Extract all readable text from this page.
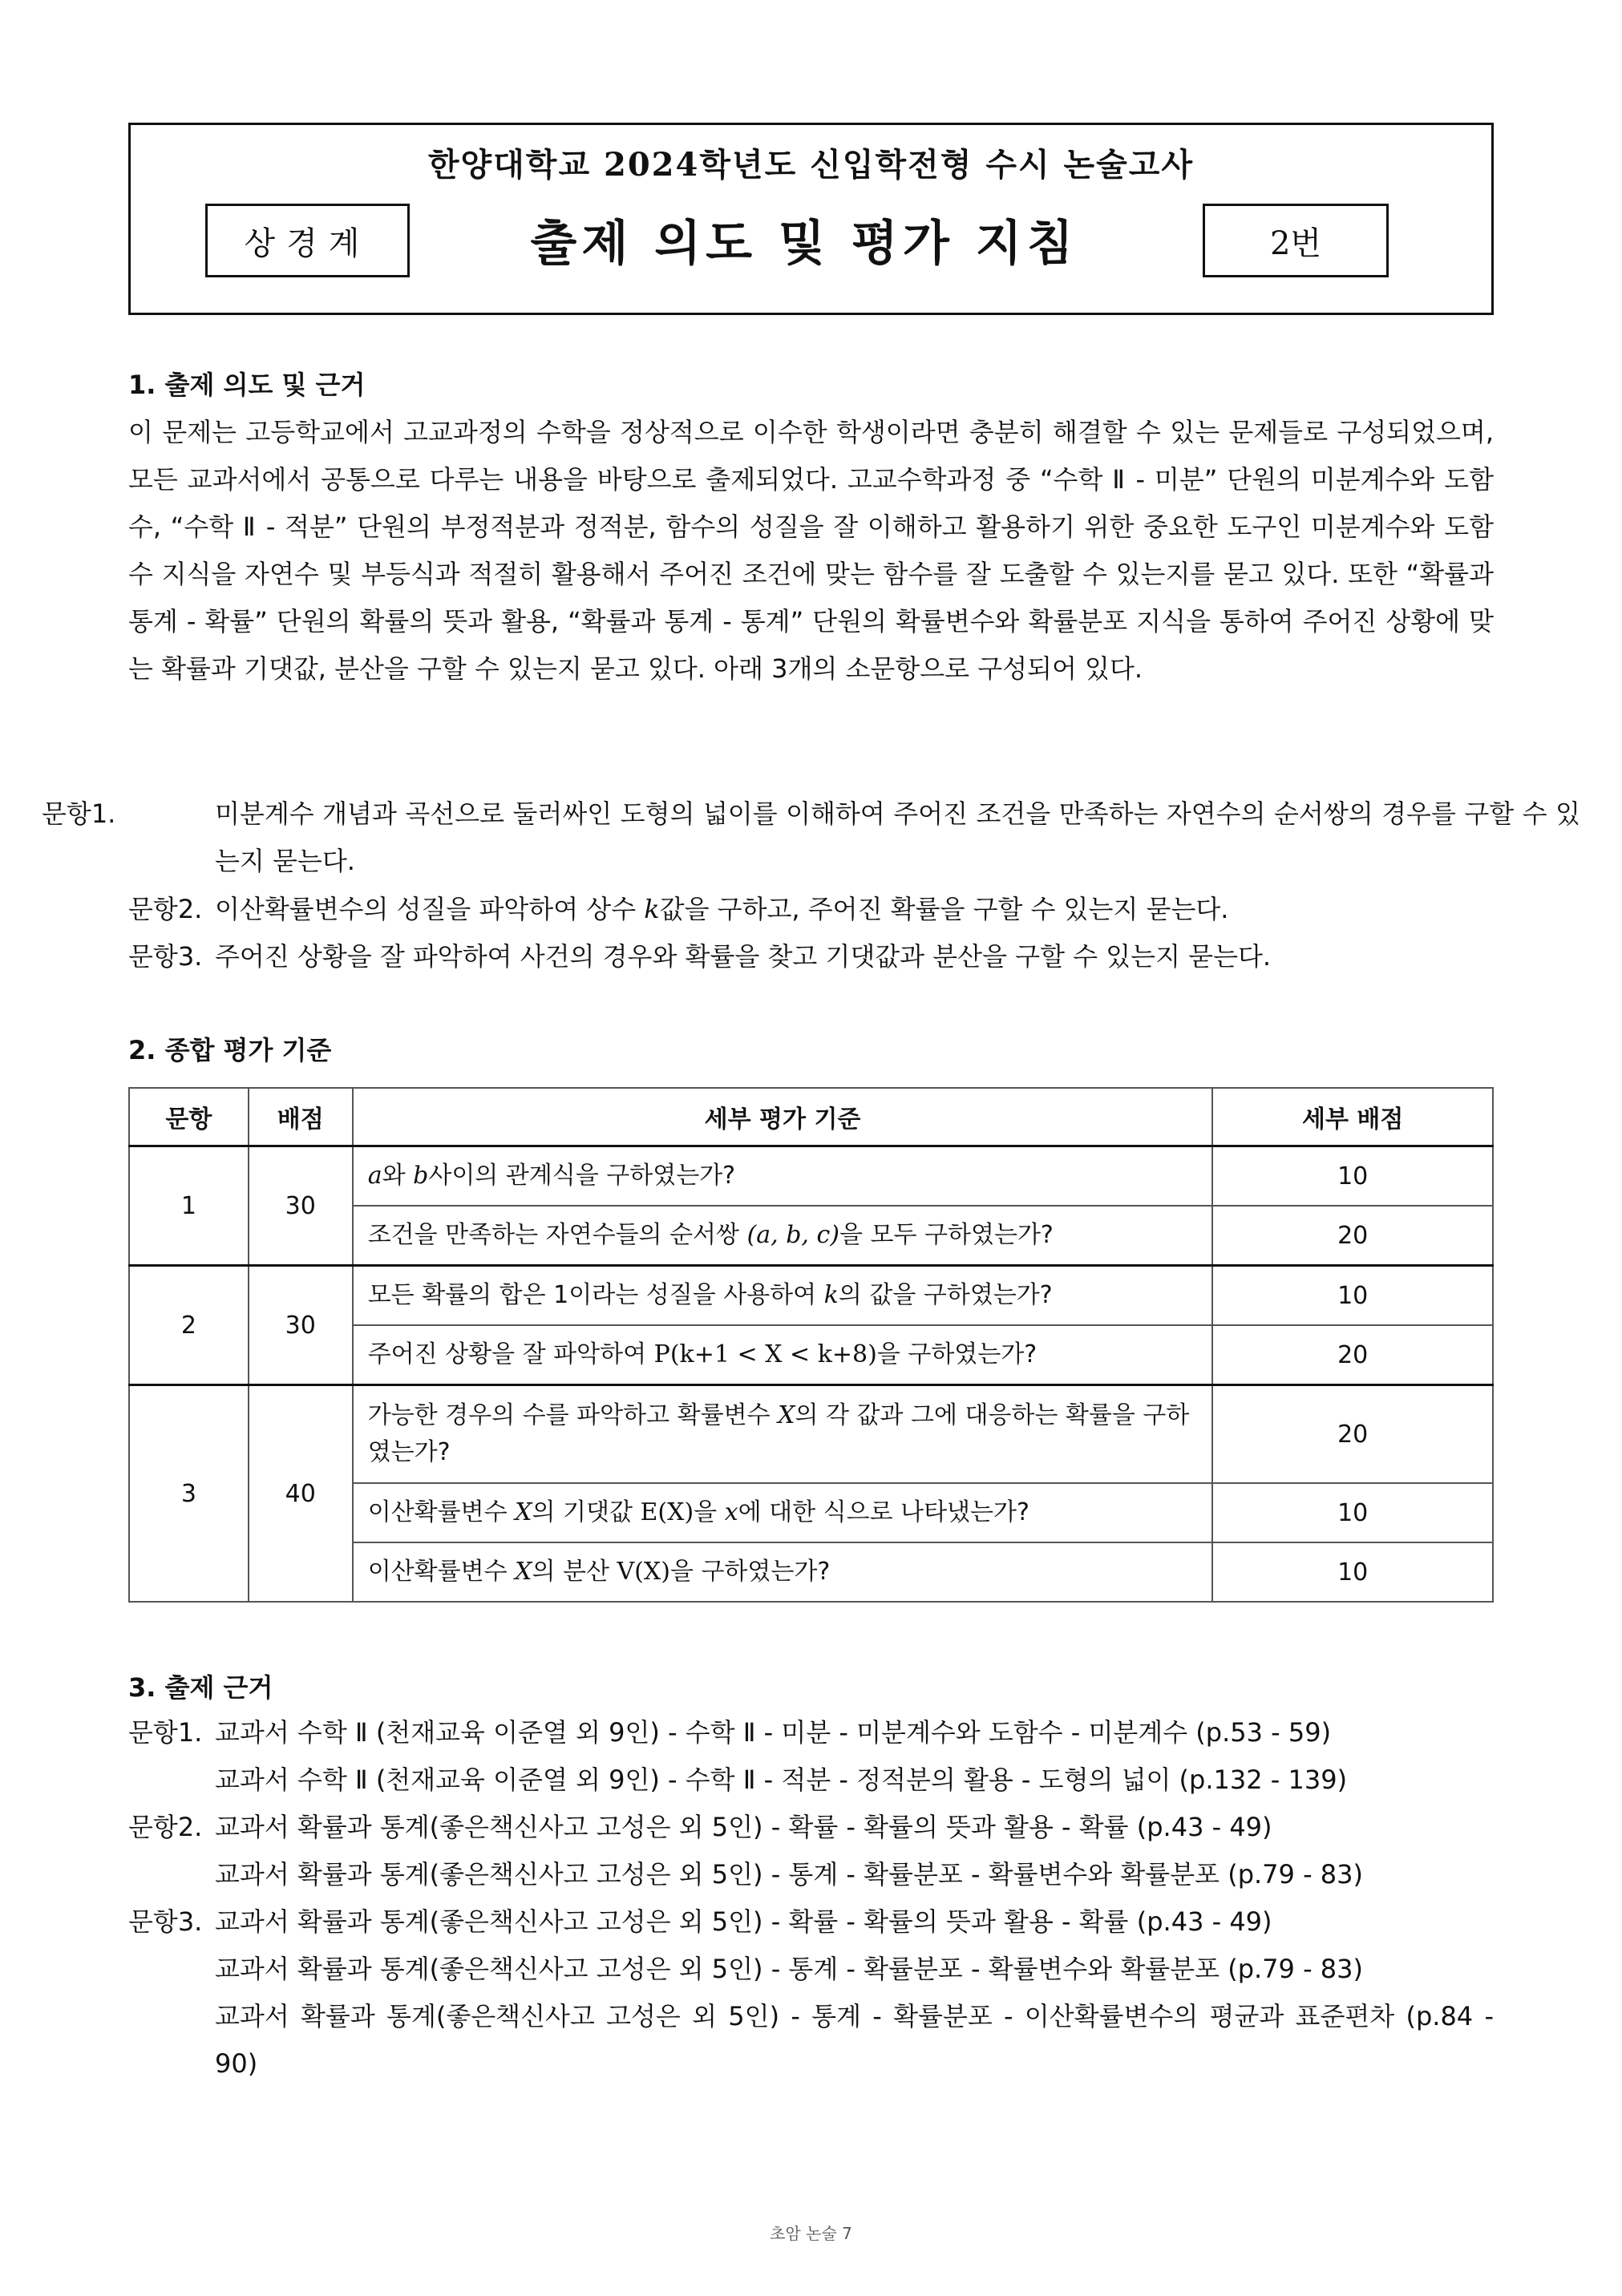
한양대학교 2024학년도 신입학전형 수시 논술고사
상경계	출제 의도 및 평가 지침	2번
1. 출제 의도 및 근거

이 문제는 고등학교에서 고교과정의 수학을 정상적으로 이수한 학생이라면 충분히 해결할 수 있는 문제들로 구성되었으며, 모든 교과서에서 공통으로 다루는 내용을 바탕으로 출제되었다. 고교수학과정 중 “수학 Ⅱ - 미분” 단원의 미분계수와 도함수, “수학 Ⅱ - 적분” 단원의 부정적분과 정적분, 함수의 성질을 잘 이해하고 활용하기 위한 중요한 도구인 미분계수와 도함수 지식을 자연수 및 부등식과 적절히 활용해서 주어진 조건에 맞는 함수를 잘 도출할 수 있는지를 묻고 있다. 또한 “확률과 통계 - 확률” 단원의 확률의 뜻과 활용, “확률과 통계 - 통계” 단원의 확률변수와 확률분포 지식을 통하여 주어진 상황에 맞는 확률과 기댓값, 분산을 구할 수 있는지 묻고 있다. 아래 3개의 소문항으로 구성되어 있다.

문항1.	미분계수 개념과 곡선으로 둘러싸인 도형의 넓이를 이해하여 주어진 조건을 만족하는 자연수의 순서쌍의 경우를 구할 수 있는지 묻는다.
문항2. 이산확률변수의 성질을 파악하여 상수 k값을 구하고, 주어진 확률을 구할 수 있는지 묻는다.
문항3. 주어진 상황을 잘 파악하여 사건의 경우와 확률을 찾고 기댓값과 분산을 구할 수 있는지 묻는다.
2. 종합 평가 기준
문항	배점	세부 평가 기준	세부 배점
1	30	a와 b사이의 관계식을 구하였는가?	10
		조건을 만족하는 자연수들의 순서쌍 (a, b, c)을 모두 구하였는가?	20
2	30	모든 확률의 합은 1이라는 성질을 사용하여 k의 값을 구하였는가?	10
		주어진 상황을 잘 파악하여 P(k+1 < X < k+8)을 구하였는가?	20
3	40	가능한 경우의 수를 파악하고 확률변수 X의 각 값과 그에 대응하는 확률을 구하였는가?	20
		이산확률변수 X의 기댓값 E(X)을 x에 대한 식으로 나타냈는가?	10
		이산확률변수 X의 분산 V(X)을 구하였는가?	10
3. 출제 근거
문항1. 교과서 수학 Ⅱ (천재교육 이준열 외 9인) - 수학 Ⅱ - 미분 - 미분계수와 도함수 - 미분계수 (p.53 - 59)
교과서 수학 Ⅱ (천재교육 이준열 외 9인) - 수학 Ⅱ - 적분 - 정적분의 활용 - 도형의 넓이 (p.132 - 139)
문항2. 교과서 확률과 통계(좋은책신사고 고성은 외 5인) - 확률 - 확률의 뜻과 활용 - 확률 (p.43 - 49)
교과서 확률과 통계(좋은책신사고 고성은 외 5인) - 통계 - 확률분포 - 확률변수와 확률분포 (p.79 - 83)
문항3. 교과서 확률과 통계(좋은책신사고 고성은 외 5인) - 확률 - 확률의 뜻과 활용 - 확률 (p.43 - 49)
교과서 확률과 통계(좋은책신사고 고성은 외 5인) - 통계 - 확률분포 - 확률변수와 확률분포 (p.79 - 83)
교과서 확률과 통계(좋은책신사고 고성은 외 5인) - 통계 - 확률분포 - 이산확률변수의 평균과 표준편차 (p.84 - 90)
초암 논술 7
